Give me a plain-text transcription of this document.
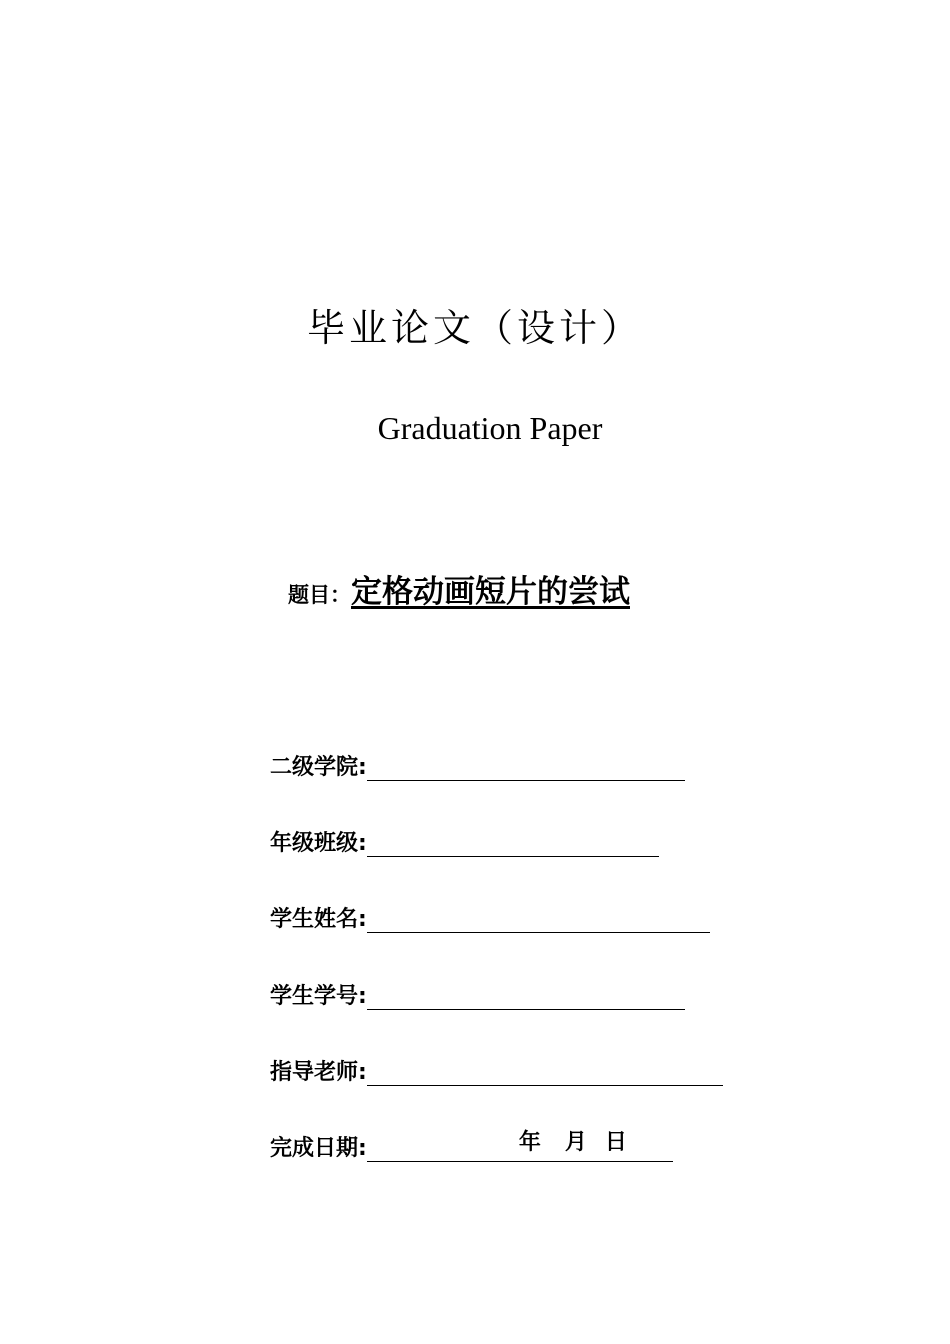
毕业论文（设计）
Graduation Paper
题目：定格动画短片的尝试
二级学院:
年级班级:
学生姓名:
学生学号:
指导老师:
完成日期:	年 月 日
